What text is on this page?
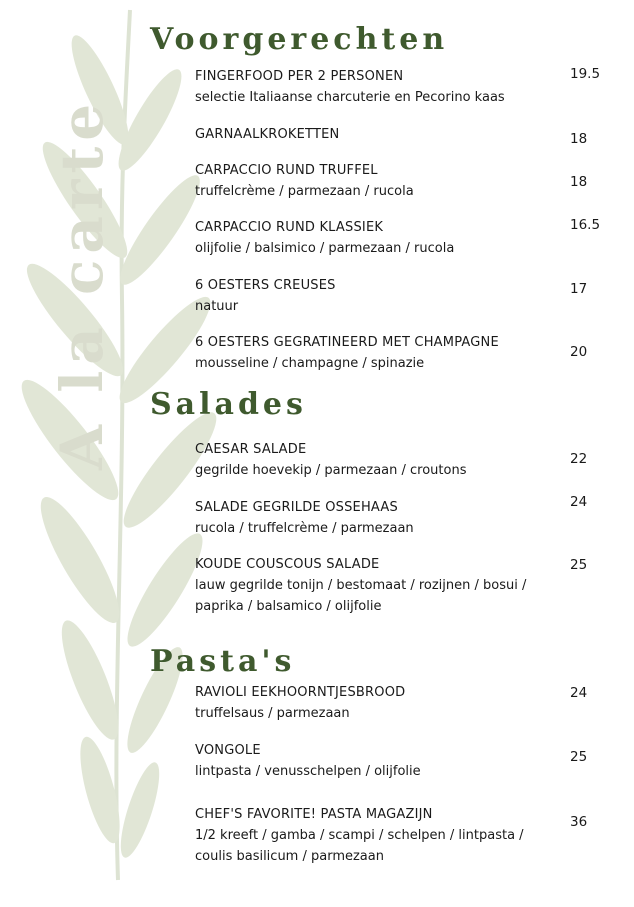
A la carte
Voorgerechten
FINGERFOOD PER 2 PERSONEN
selectie Italiaanse charcuterie en Pecorino kaas
19.5
GARNAALKROKETTEN	18
CARPACCIO RUND TRUFFEL
truffelcrème / parmezaan / rucola
18
CARPACCIO RUND KLASSIEK
olijfolie / balsimico / parmezaan / rucola
16.5
6 OESTERS CREUSES
natuur
17
6 OESTERS GEGRATINEERD MET CHAMPAGNE
mousseline / champagne / spinazie
20
Salades
CAESAR SALADE
gegrilde hoevekip / parmezaan / croutons
22
SALADE GEGRILDE OSSEHAAS
rucola / truffelcrème / parmezaan
24
KOUDE COUSCOUS SALADE
lauw gegrilde tonijn / bestomaat / rozijnen / bosui / paprika / balsamico / olijfolie
25
Pasta's
RAVIOLI EEKHOORNTJESBROOD
truffelsaus / parmezaan
24
VONGOLE
lintpasta / venusschelpen / olijfolie
25
CHEF'S FAVORITE! PASTA MAGAZIJN
1/2 kreeft / gamba / scampi / schelpen / lintpasta / coulis basilicum / parmezaan
36
